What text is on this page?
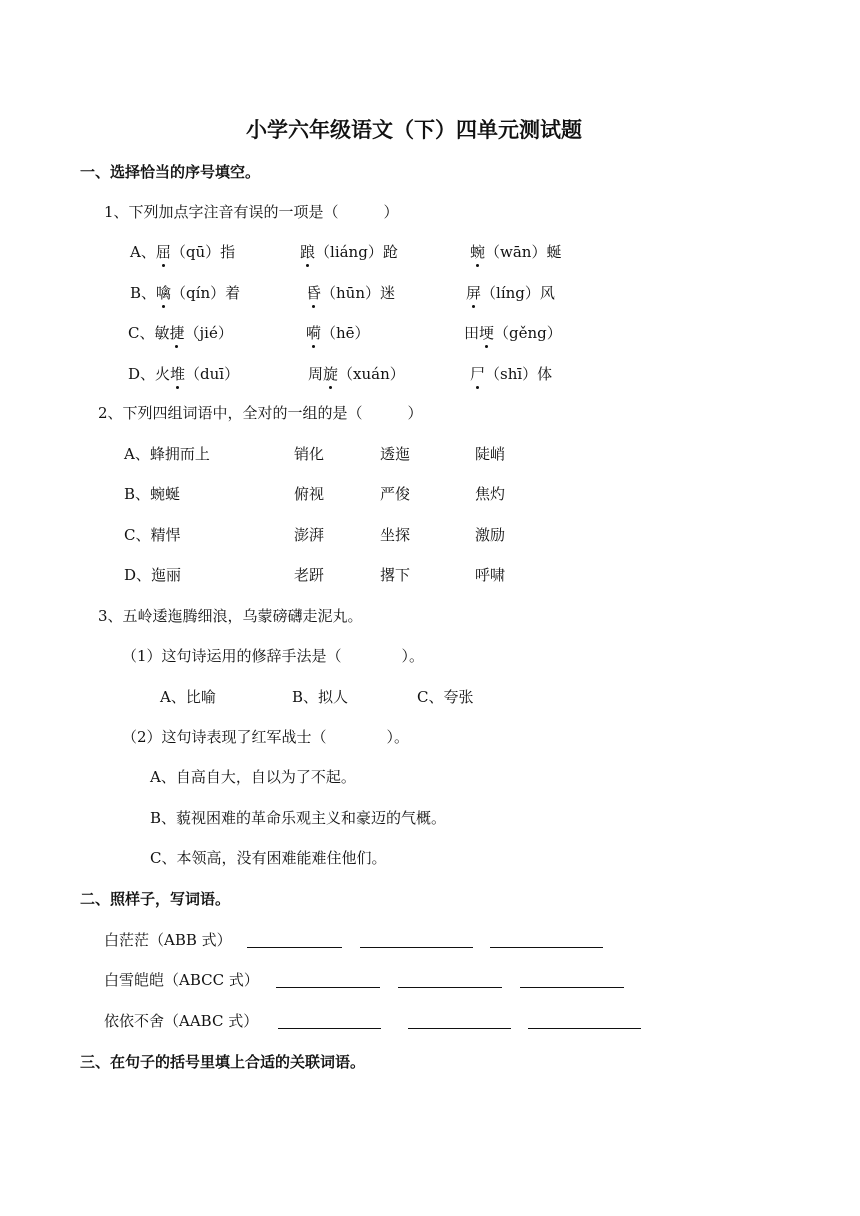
小学六年级语文（下）四单元测试题
一、选择恰当的序号填空。
1、下列加点字注音有误的一项是（　　　）
A、屈（qū）指	踉（liáng）跄	蜿（wān）蜒
B、噙（qín）着	昏（hūn）迷	屏（líng）风
C、敏捷（jié）	嗬（hē）	田埂（gěng）
D、火堆（duī）	周旋（xuán）	尸（shī）体
2、下列四组词语中，全对的一组的是（　　　）
A、蜂拥而上	销化	透迤	陡峭
B、蜿蜒	俯视	严俊	焦灼
C、精悍	澎湃	坐探	激励
D、迤丽	老趼	撂下	呼啸
3、五岭逶迤腾细浪，乌蒙磅礴走泥丸。
（1）这句诗运用的修辞手法是（　　　　）。
A、比喻	B、拟人	C、夸张
（2）这句诗表现了红军战士（　　　　）。
A、自高自大，自以为了不起。
B、藐视困难的革命乐观主义和豪迈的气概。
C、本领高，没有困难能难住他们。
二、照样子，写词语。
白茫茫（ABB 式）
白雪皑皑（ABCC 式）
依依不舍（AABC 式）
三、在句子的括号里填上合适的关联词语。
